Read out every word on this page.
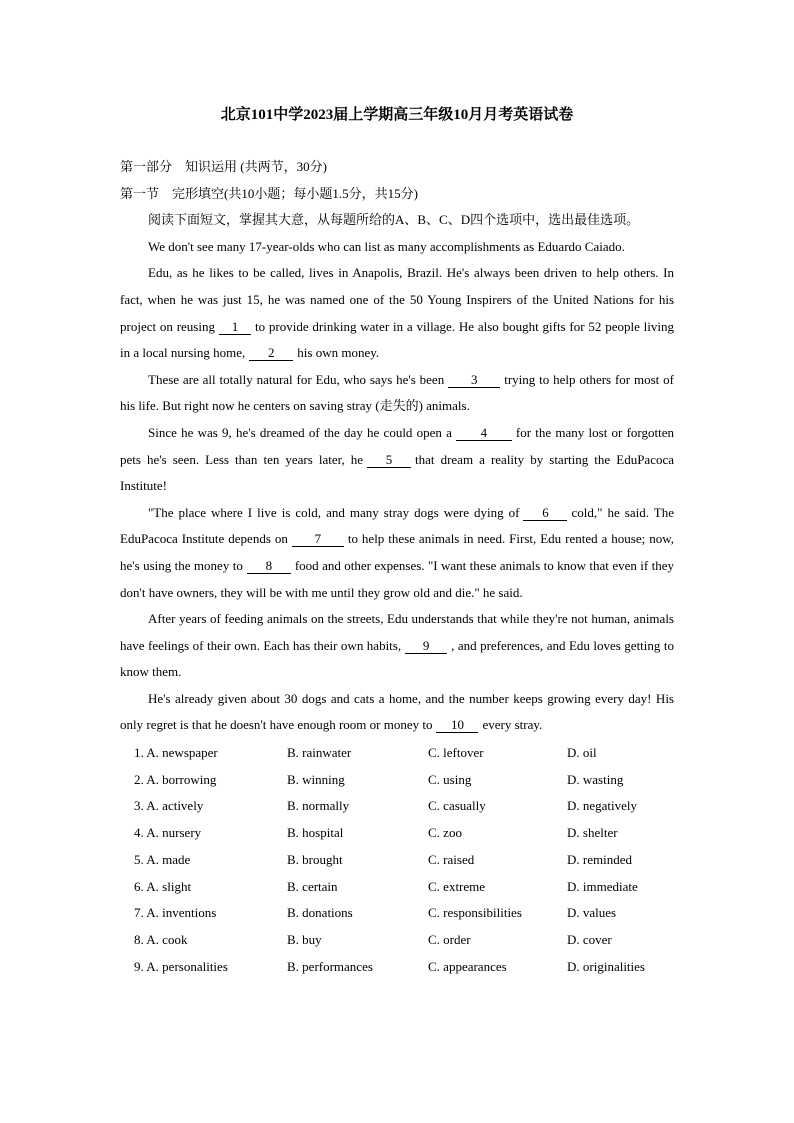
北京101中学2023届上学期高三年级10月月考英语试卷
第一部分　知识运用 (共两节，30分)
第一节　完形填空(共10小题；每小题1.5分，共15分)

阅读下面短文，掌握其大意，从每题所给的A、B、C、D四个选项中，选出最佳选项。

We don't see many 17-year-olds who can list as many accomplishments as Eduardo Caiado.

Edu, as he likes to be called, lives in Anapolis, Brazil. He's always been driven to help others. In fact, when he was just 15, he was named one of the 50 Young Inspirers of the United Nations for his project on reusing 1 to provide drinking water in a village. He also bought gifts for 52 people living in a local nursing home, 2 his own money.

These are all totally natural for Edu, who says he's been 3 trying to help others for most of his life. But right now he centers on saving stray (走失的) animals.

Since he was 9, he's dreamed of the day he could open a 4 for the many lost or forgotten pets he's seen. Less than ten years later, he 5 that dream a reality by starting the EduPacoca Institute!

"The place where I live is cold, and many stray dogs were dying of 6 cold," he said. The EduPacoca Institute depends on 7 to help these animals in need. First, Edu rented a house; now, he's using the money to 8 food and other expenses. "I want these animals to know that even if they don't have owners, they will be with me until they grow old and die." he said.

After years of feeding animals on the streets, Edu understands that while they're not human, animals have feelings of their own. Each has their own habits, 9 , and preferences, and Edu loves getting to know them.

He's already given about 30 dogs and cats a home, and the number keeps growing every day! His only regret is that he doesn't have enough room or money to 10 every stray.

1. A. newspaper	B. rainwater	C. leftover	D. oil
2. A. borrowing	B. winning	C. using	D. wasting
3. A. actively	B. normally	C. casually	D. negatively
4. A. nursery	B. hospital	C. zoo	D. shelter
5. A. made	B. brought	C. raised	D. reminded
6. A. slight	B. certain	C. extreme	D. immediate
7. A. inventions	B. donations	C. responsibilities	D. values
8. A. cook	B. buy	C. order	D. cover
9. A. personalities	B. performances	C. appearances	D. originalities
